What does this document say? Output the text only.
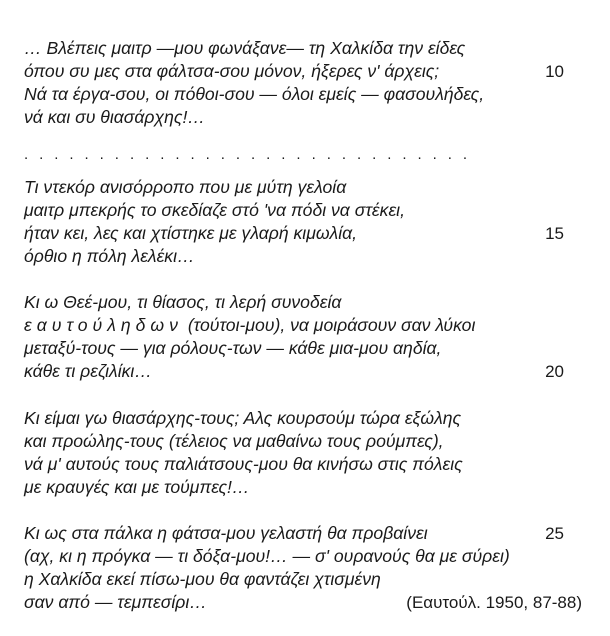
… Βλέπεις μαιτρ —μου φωνάξανε— τη Χαλκίδα την είδες
όπου συ μες στα φάλτσα-σου μόνον, ήξερες ν' άρχεις;	10
Νά τα έργα-σου, οι πόθοι-σου — όλοι εμείς — φασουλήδες,
νά και συ θιασάρχης!…
. . . . . . . . . . . . . . . . . . . . . . . . . . . . . .
Τι ντεκόρ ανισόρροπο που με μύτη γελοία
μαιτρ μπεκρής το σκεδίαζε στό 'να πόδι να στέκει,
ήταν κει, λες και χτίστηκε με γλαρή κιμωλία,	15
όρθιο η πόλη λελέκι…
Κι ω Θεέ-μου, τι θίασος, τι λερή συνοδεία
εαυτούληδων (τούτοι-μου), να μοιράσουν σαν λύκοι
μεταξύ-τους — για ρόλους-των — κάθε μια-μου αηδία,
κάθε τι ρεζιλίκι…	20
Κι είμαι γω θιασάρχης-τους; Αλς κουρσούμ τώρα εξώλης
και προώλης-τους (τέλειος να μαθαίνω τους ρούμπες),
νά μ' αυτούς τους παλιάτσους-μου θα κινήσω στις πόλεις
με κραυγές και με τούμπες!…
Κι ως στα πάλκα η φάτσα-μου γελαστή θα προβαίνει	25
(αχ, κι η πρόγκα — τι δόξα-μου!… — σ' ουρανούς θα με σύρει)
η Χαλκίδα εκεί πίσω-μου θα φαντάζει χτισμένη
σαν από — τεμπεσίρι…	(Εαυτούλ. 1950, 87-88)
